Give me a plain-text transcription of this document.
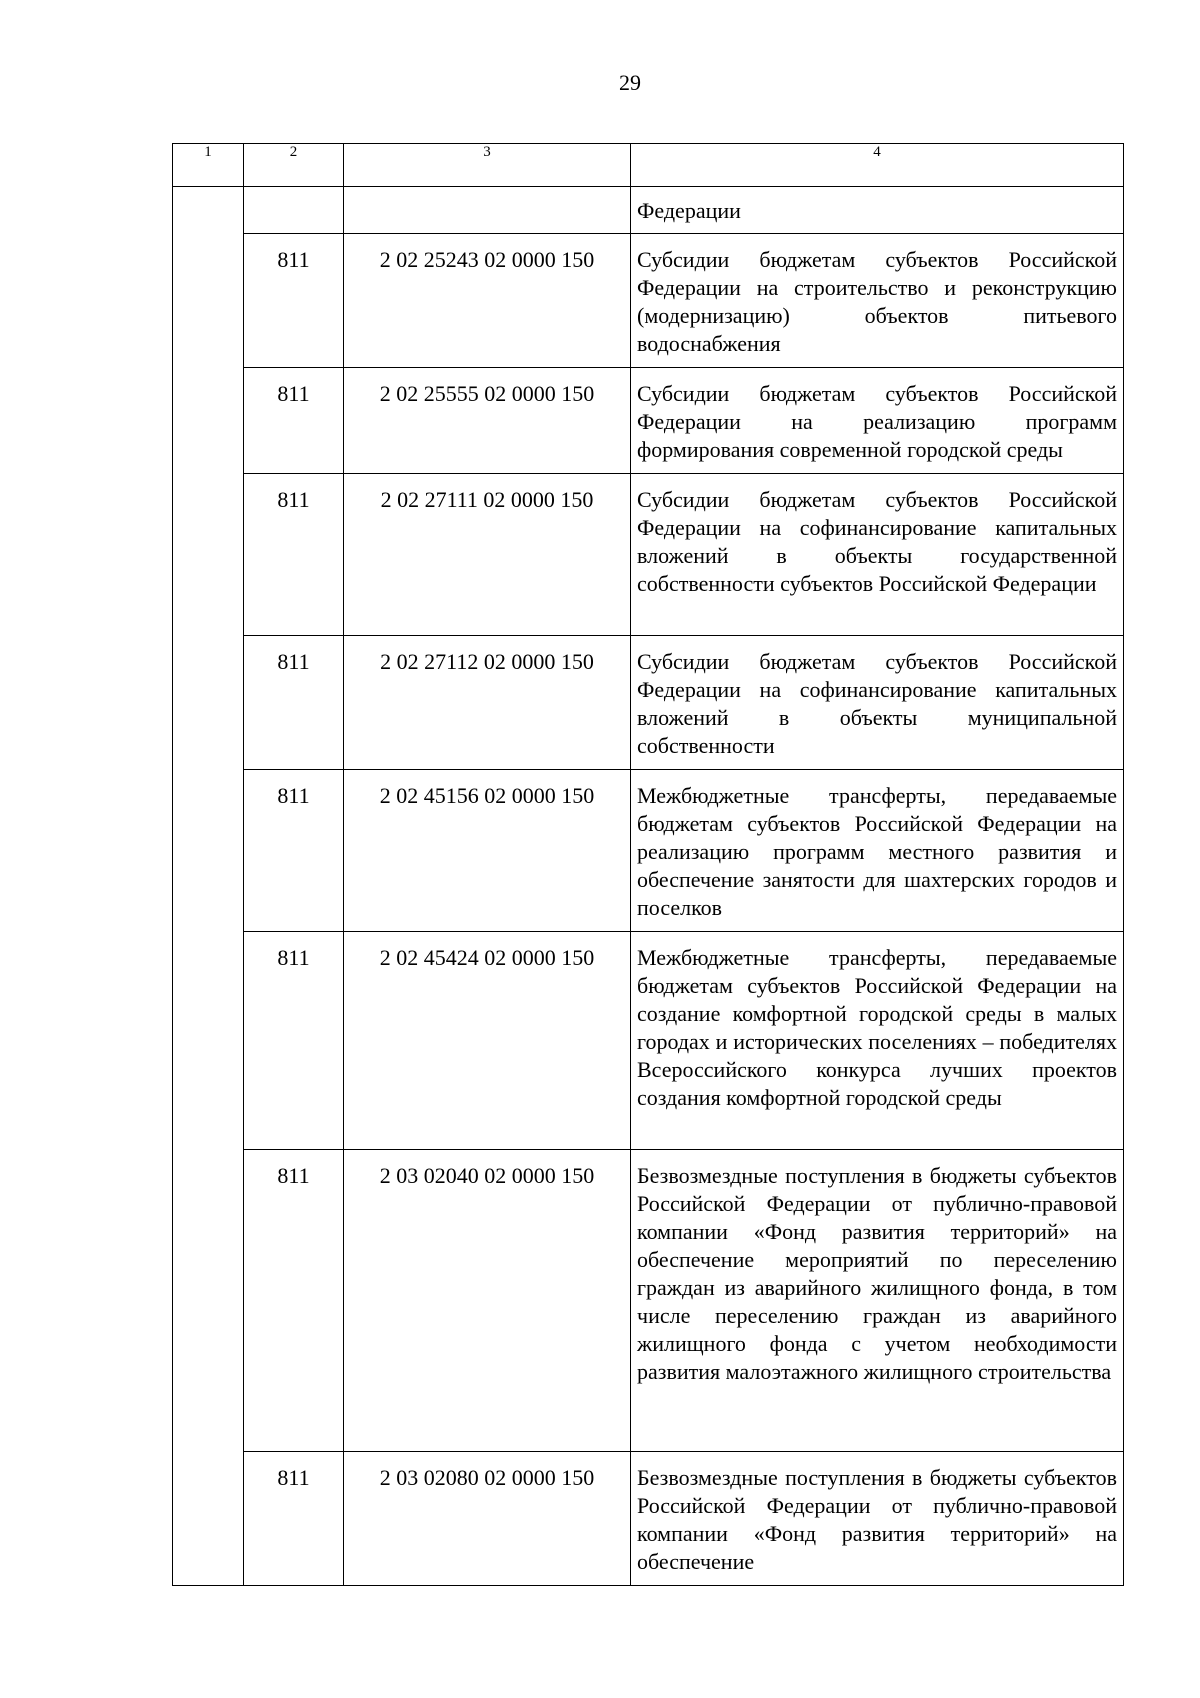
29
1	2	3	4
			Федерации
	811	2 02 25243 02 0000 150	Субсидии бюджетам субъектов Российской Федерации на строительство и реконструкцию (модернизацию) объектов питьевого водоснабжения
	811	2 02 25555 02 0000 150	Субсидии бюджетам субъектов Российской Федерации на реализацию программ формирования современной городской среды
	811	2 02 27111 02 0000 150	Субсидии бюджетам субъектов Российской Федерации на софинансирование капитальных вложений в объекты государственной собственности субъектов Российской Федерации
	811	2 02 27112 02 0000 150	Субсидии бюджетам субъектов Российской Федерации на софинансирование капитальных вложений в объекты муниципальной собственности
	811	2 02 45156 02 0000 150	Межбюджетные трансферты, передаваемые бюджетам субъектов Российской Федерации на реализацию программ местного развития и обеспечение занятости для шахтерских городов и поселков
	811	2 02 45424 02 0000 150	Межбюджетные трансферты, передаваемые бюджетам субъектов Российской Федерации на создание комфортной городской среды в малых городах и исторических поселениях – победителях Всероссийского конкурса лучших проектов создания комфортной городской среды
	811	2 03 02040 02 0000 150	Безвозмездные поступления в бюджеты субъектов Российской Федерации от публично-правовой компании «Фонд развития территорий» на обеспечение мероприятий по переселению граждан из аварийного жилищного фонда, в том числе переселению граждан из аварийного жилищного фонда с учетом необходимости развития малоэтажного жилищного строительства
	811	2 03 02080 02 0000 150	Безвозмездные поступления в бюджеты субъектов Российской Федерации от публично-правовой компании «Фонд развития территорий» на обеспечение
